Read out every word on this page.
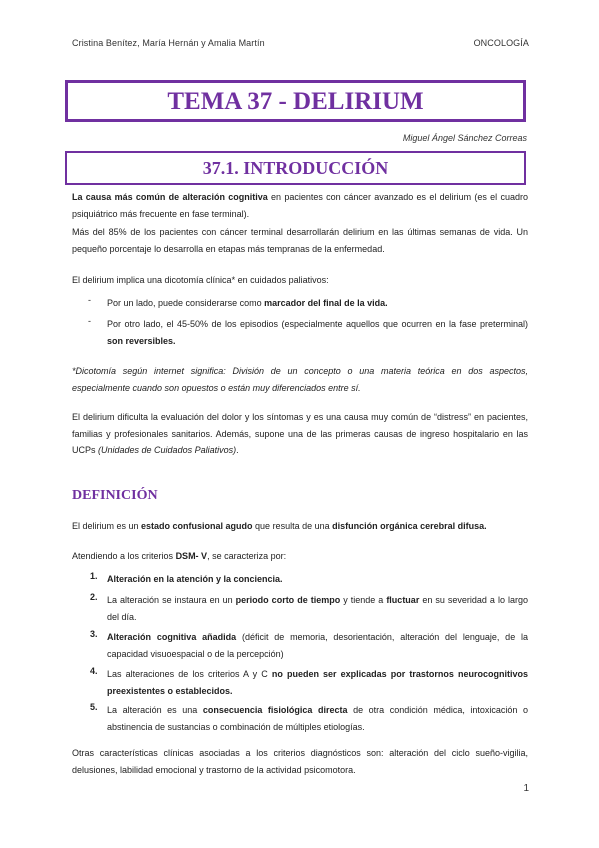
Cristina Benítez, María Hernán y Amalia Martín	ONCOLOGÍA
TEMA 37 - DELIRIUM
Miguel Ángel Sánchez Correas
37.1. INTRODUCCIÓN
La causa más común de alteración cognitiva en pacientes con cáncer avanzado es el delirium (es el cuadro psiquiátrico más frecuente en fase terminal).
Más del 85% de los pacientes con cáncer terminal desarrollarán delirium en las últimas semanas de vida. Un pequeño porcentaje lo desarrolla en etapas más tempranas de la enfermedad.
El delirium implica una dicotomía clínica* en cuidados paliativos:
- Por un lado, puede considerarse como marcador del final de la vida.
- Por otro lado, el 45-50% de los episodios (especialmente aquellos que ocurren en la fase preterminal) son reversibles.
*Dicotomía según internet significa: División de un concepto o una materia teórica en dos aspectos, especialmente cuando son opuestos o están muy diferenciados entre sí.
El delirium dificulta la evaluación del dolor y los síntomas y es una causa muy común de “distress” en pacientes, familias y profesionales sanitarios. Además, supone una de las primeras causas de ingreso hospitalario en las UCPs (Unidades de Cuidados Paliativos).
DEFINICIÓN
El delirium es un estado confusional agudo que resulta de una disfunción orgánica cerebral difusa.
Atendiendo a los criterios DSM- V, se caracteriza por:
1. Alteración en la atención y la conciencia.
2. La alteración se instaura en un periodo corto de tiempo y tiende a fluctuar en su severidad a lo largo del día.
3. Alteración cognitiva añadida (déficit de memoria, desorientación, alteración del lenguaje, de la capacidad visuoespacial o de la percepción)
4. Las alteraciones de los criterios A y C no pueden ser explicadas por trastornos neurocognitivos preexistentes o establecidos.
5. La alteración es una consecuencia fisiológica directa de otra condición médica, intoxicación o abstinencia de sustancias o combinación de múltiples etiologías.
Otras características clínicas asociadas a los criterios diagnósticos son: alteración del ciclo sueño-vigilia, delusiones, labilidad emocional y trastorno de la actividad psicomotora.
1
